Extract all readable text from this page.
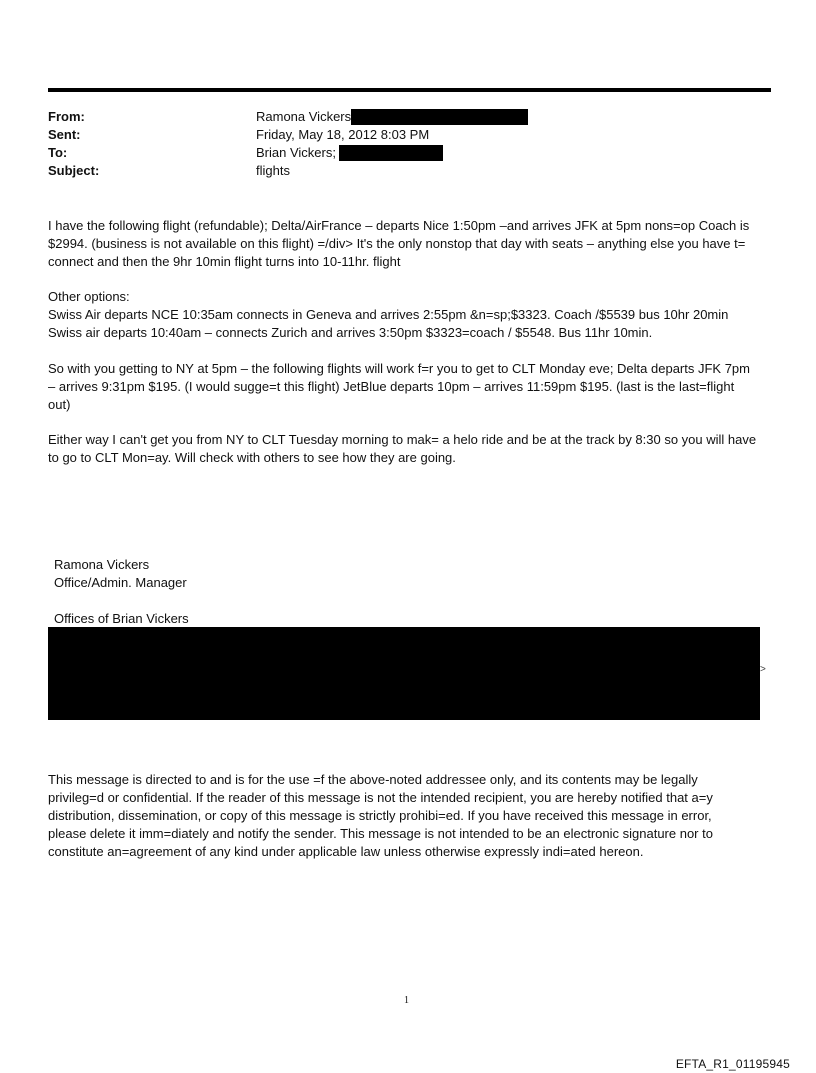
From:	Ramona Vickers
Sent:	Friday, May 18, 2012 8:03 PM
To:	Brian Vickers;
Subject:	flights

I have the following flight (refundable); Delta/AirFrance – departs Nice 1:50pm –and arrives JFK at 5pm nons=op Coach is $2994. (business is not available on this flight) =/div> It's the only nonstop that day with seats – anything else you have t= connect and then the 9hr 10min flight turns into 10-11hr. flight

Other options:

Swiss Air departs NCE 10:35am connects in Geneva and arrives 2:55pm &n=sp;$3323. Coach /$5539 bus 10hr 20min

Swiss air departs 10:40am – connects Zurich and arrives 3:50pm $3323=coach / $5548. Bus 11hr 10min.

So with you getting to NY at 5pm – the following flights will work f=r you to get to CLT Monday eve; Delta departs JFK 7pm – arrives 9:31pm $195. (I would sugge=t this flight) JetBlue departs 10pm – arrives 11:59pm $195. (last is the last=flight out)

Either way I can't get you from NY to CLT Tuesday morning to mak= a helo ride and be at the track by 8:30 so you will have to go to CLT Mon=ay. Will check with others to see how they are going.

Ramona Vickers
Office/Admin. Manager
Offices of Brian Vickers
>

This message is directed to and is for the use =f the above-noted addressee only, and its contents may be legally privileg=d or confidential. If the reader of this message is not the intended recipient, you are hereby notified that a=y distribution, dissemination, or copy of this message is strictly prohibi=ed. If you have received this message in error, please delete it imm=diately and notify the sender. This message is not intended to be an electronic signature nor to constitute an=agreement of any kind under applicable law unless otherwise expressly indi=ated hereon.

1
EFTA_R1_01195945
